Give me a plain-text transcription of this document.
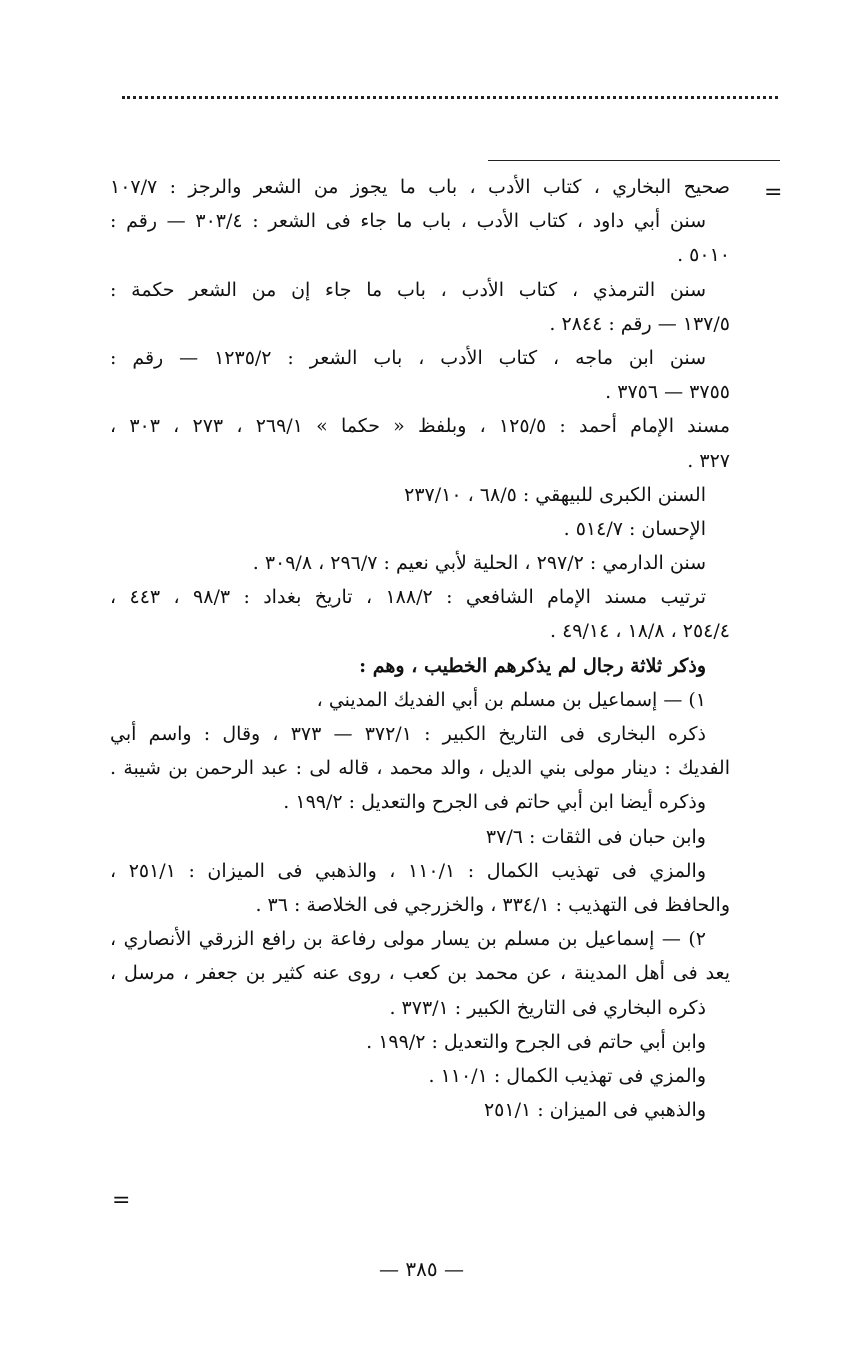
=
=
صحيح البخاري ، كتاب الأدب ، باب ما يجوز من الشعر والرجز : ١٠٧/٧
سنن أبي داود ، كتاب الأدب ، باب ما جاء فى الشعر : ٣٠٣/٤ — رقم :
٥٠١٠ .
سنن الترمذي ، كتاب الأدب ، باب ما جاء إن من الشعر حكمة :
١٣٧/٥ — رقم : ٢٨٤٤ .
سنن ابن ماجه ، كتاب الأدب ، باب الشعر : ١٢٣٥/٢ — رقم :
٣٧٥٥ — ٣٧٥٦ .
مسند الإمام أحمد : ١٢٥/٥ ، وبلفظ « حكما » ٢٦٩/١ ، ٢٧٣ ، ٣٠٣ ،
٣٢٧ .
السنن الكبرى للبيهقي : ٦٨/٥ ، ٢٣٧/١٠
الإحسان : ٥١٤/٧ .
سنن الدارمي : ٢٩٧/٢ ، الحلية لأبي نعيم : ٢٩٦/٧ ، ٣٠٩/٨ .
ترتيب مسند الإمام الشافعي : ١٨٨/٢ ، تاريخ بغداد : ٩٨/٣ ، ٤٤٣ ،
٢٥٤/٤ ، ١٨/٨ ، ٤٩/١٤ .
وذكر ثلاثة رجال لم يذكرهم الخطيب ، وهم :
١) — إسماعيل بن مسلم بن أبي الفديك المديني ،
ذكره البخارى فى التاريخ الكبير : ٣٧٢/١ — ٣٧٣ ، وقال : واسم أبي
الفديك : دينار مولى بني الديل ، والد محمد ، قاله لى : عبد الرحمن بن شيبة .
وذكره أيضا ابن أبي حاتم فى الجرح والتعديل : ١٩٩/٢ .
وابن حبان فى الثقات : ٣٧/٦
والمزي فى تهذيب الكمال : ١١٠/١ ، والذهبي فى الميزان : ٢٥١/١ ،
والحافظ فى التهذيب : ٣٣٤/١ ، والخزرجي فى الخلاصة : ٣٦ .
٢) — إسماعيل بن مسلم بن يسار مولى رفاعة بن رافع الزرقي الأنصاري ،
يعد فى أهل المدينة ، عن محمد بن كعب ، روى عنه كثير بن جعفر ، مرسل ،
ذكره البخاري فى التاريخ الكبير : ٣٧٣/١ .
وابن أبي حاتم فى الجرح والتعديل : ١٩٩/٢ .
والمزي فى تهذيب الكمال : ١١٠/١ .
والذهبي فى الميزان : ٢٥١/١
— ٣٨٥ —
